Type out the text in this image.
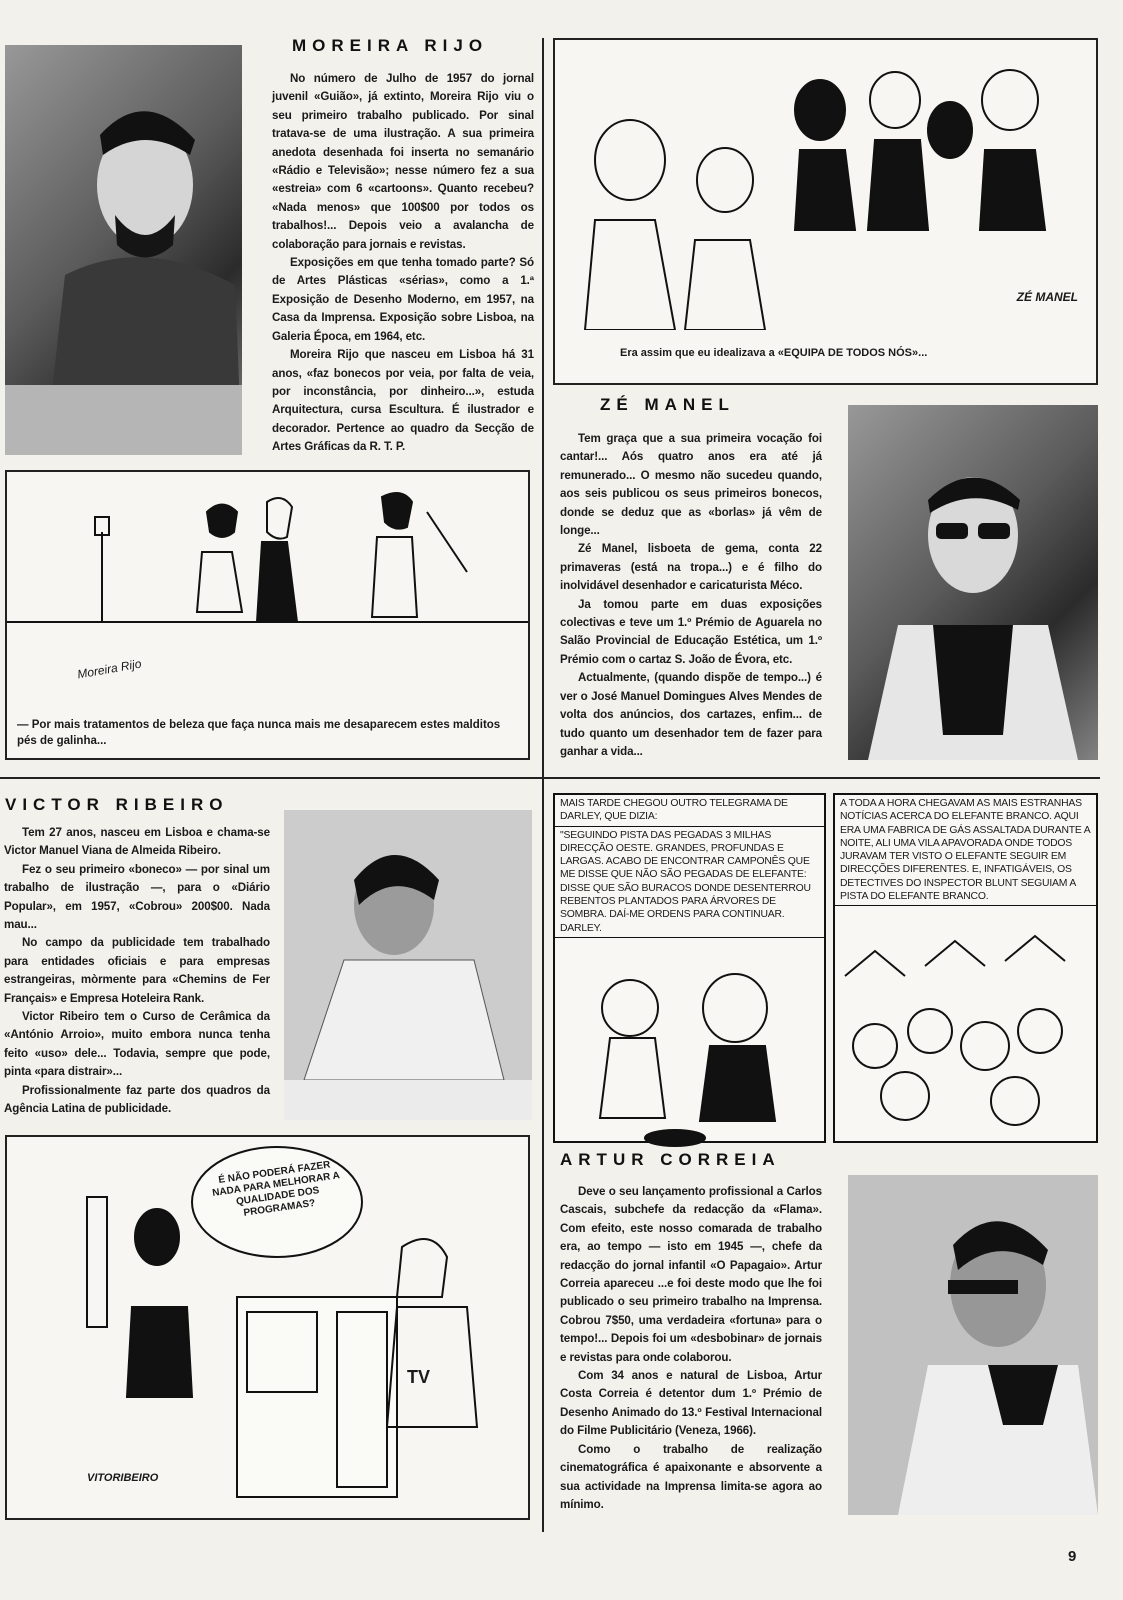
MOREIRA RIJO

No número de Julho de 1957 do jornal juvenil «Guião», já extinto, Moreira Rijo viu o seu primeiro trabalho publicado. Por sinal tratava-se de uma ilustração. A sua primeira anedota desenhada foi inserta no semanário «Rádio e Televisão»; nesse número fez a sua «estreia» com 6 «cartoons». Quanto recebeu? «Nada menos» que 100$00 por todos os trabalhos!... Depois veio a avalancha de colaboração para jornais e revistas.

Exposições em que tenha tomado parte? Só de Artes Plásticas «sérias», como a 1.ª Exposição de Desenho Moderno, em 1957, na Casa da Imprensa. Exposição sobre Lisboa, na Galeria Época, em 1964, etc.

Moreira Rijo que nasceu em Lisboa há 31 anos, «faz bonecos por veia, por falta de veia, por inconstância, por dinheiro...», estuda Arquitectura, cursa Escultura. É ilustrador e decorador. Pertence ao quadro da Secção de Artes Gráficas da R. T. P.

Moreira Rijo
— Por mais tratamentos de beleza que faça nunca mais me desaparecem estes malditos pés de galinha...
ZÉ MANEL
Era assim que eu idealizava a «EQUIPA DE TODOS NÓS»...
ZÉ MANEL

Tem graça que a sua primeira vocação foi cantar!... Aós quatro anos era até já remunerado... O mesmo não sucedeu quando, aos seis publicou os seus primeiros bonecos, donde se deduz que as «borlas» já vêm de longe...

Zé Manel, lisboeta de gema, conta 22 primaveras (está na tropa...) e é filho do inolvidável desenhador e caricaturista Méco.

Ja tomou parte em duas exposições colectivas e teve um 1.º Prémio de Aguarela no Salão Provincial de Educação Estética, um 1.º Prémio com o cartaz S. João de Évora, etc.

Actualmente, (quando dispõe de tempo...) é ver o José Manuel Domingues Alves Mendes de volta dos anúncios, dos cartazes, enfim... de tudo quanto um desenhador tem de fazer para ganhar a vida...

VICTOR RIBEIRO

Tem 27 anos, nasceu em Lisboa e chama-se Victor Manuel Viana de Almeida Ribeiro.

Fez o seu primeiro «boneco» — por sinal um trabalho de ilustração —, para o «Diário Popular», em 1957, «Cobrou» 200$00. Nada mau...

No campo da publicidade tem trabalhado para entidades oficiais e para empresas estrangeiras, mòrmente para «Chemins de Fer Français» e Empresa Hoteleira Rank.

Victor Ribeiro tem o Curso de Cerâmica da «António Arroio», muito embora nunca tenha feito «uso» dele... Todavia, sempre que pode, pinta «para distrair»...

Profissionalmente faz parte dos quadros da Agência Latina de publicidade.

É NÃO PODERÁ FAZER NADA PARA MELHORAR A QUALIDADE DOS PROGRAMAS?
TV
VITORIBEIRO
MAIS TARDE CHEGOU OUTRO TELEGRAMA DE DARLEY, QUE DIZIA:
"SEGUINDO PISTA DAS PEGADAS 3 MILHAS DIRECÇÃO OESTE. GRANDES, PROFUNDAS E LARGAS. ACABO DE ENCONTRAR CAMPONÊS QUE ME DISSE QUE NÃO SÃO PEGADAS DE ELEFANTE: DISSE QUE SÃO BURACOS DONDE DESENTERROU REBENTOS PLANTADOS PARA ÁRVORES DE SOMBRA. DAÍ-ME ORDENS PARA CONTINUAR. DARLEY.
A TODA A HORA CHEGAVAM AS MAIS ESTRANHAS NOTÍCIAS ACERCA DO ELEFANTE BRANCO. AQUI ERA UMA FABRICA DE GÁS ASSALTADA DURANTE A NOITE, ALI UMA VILA APAVORADA ONDE TODOS JURAVAM TER VISTO O ELEFANTE SEGUIR EM DIRECÇÕES DIFERENTES. E, INFATIGÁVEIS, OS DETECTIVES DO INSPECTOR BLUNT SEGUIAM A PISTA DO ELEFANTE BRANCO.
ARTUR CORREIA

Deve o seu lançamento profissional a Carlos Cascais, subchefe da redacção da «Flama». Com efeito, este nosso comarada de trabalho era, ao tempo — isto em 1945 —, chefe da redacção do jornal infantil «O Papagaio». Artur Correia apareceu ...e foi deste modo que lhe foi publicado o seu primeiro trabalho na Imprensa. Cobrou 7$50, uma verdadeira «fortuna» para o tempo!... Depois foi um «desbobinar» de jornais e revistas para onde colaborou.

Com 34 anos e natural de Lisboa, Artur Costa Correia é detentor dum 1.º Prémio de Desenho Animado do 13.º Festival Internacional do Filme Publicitário (Veneza, 1966).

Como o trabalho de realização cinematográfica é apaixonante e absorvente a sua actividade na Imprensa limita-se agora ao mínimo.

9
